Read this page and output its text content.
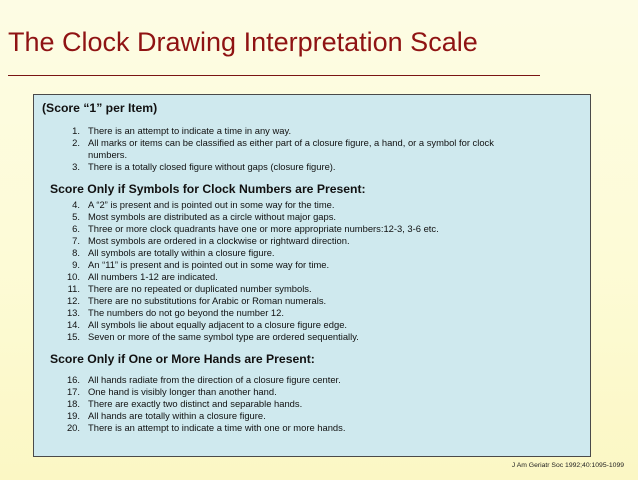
The Clock Drawing Interpretation Scale
(Score “1” per Item)
1. There is an attempt to indicate a time in any way.
2. All marks or items can be classified as either part of a closure figure, a hand, or a symbol for clock
numbers.
3. There is a totally closed figure without gaps (closure figure).
Score Only if Symbols for Clock Numbers are Present:
4. A “2” is present and is pointed out in some way for the time.
5. Most symbols are distributed as a circle without major gaps.
6. Three or more clock quadrants have one or more appropriate numbers:12-3, 3-6 etc.
7. Most symbols are ordered in a clockwise or rightward direction.
8. All symbols are totally within a closure figure.
9. An “11” is present and is pointed out in some way for time.
10. All numbers 1-12 are indicated.
11. There are no repeated or duplicated number symbols.
12. There are no substitutions for Arabic or Roman numerals.
13. The numbers do not go beyond the number 12.
14. All symbols lie about equally adjacent to a closure figure edge.
15. Seven or more of the same symbol type are ordered sequentially.
Score Only if One or More Hands are Present:
16. All hands radiate from the direction of a closure figure center.
17. One hand is visibly longer than another hand.
18. There are exactly two distinct and separable hands.
19. All hands are totally within a closure figure.
20. There is an attempt to indicate a time with one or more hands.
J Am Geriatr Soc 1992;40:1095-1099
